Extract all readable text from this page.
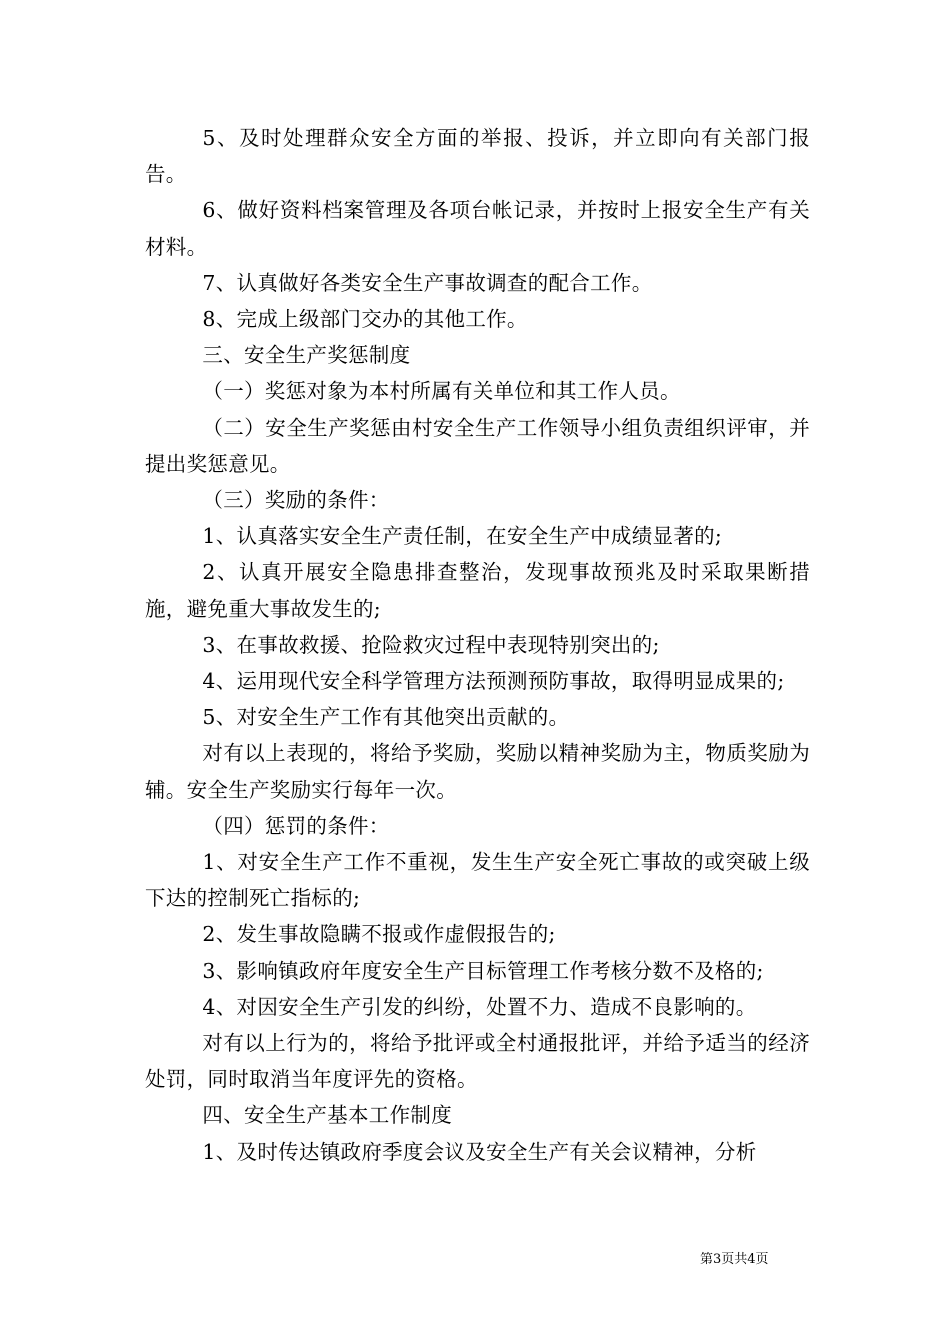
5、及时处理群众安全方面的举报、投诉，并立即向有关部门报告。

6、做好资料档案管理及各项台帐记录，并按时上报安全生产有关材料。

7、认真做好各类安全生产事故调查的配合工作。

8、完成上级部门交办的其他工作。

三、安全生产奖惩制度

（一）奖惩对象为本村所属有关单位和其工作人员。

（二）安全生产奖惩由村安全生产工作领导小组负责组织评审，并提出奖惩意见。

（三）奖励的条件：

1、认真落实安全生产责任制，在安全生产中成绩显著的;

2、认真开展安全隐患排查整治，发现事故预兆及时采取果断措施，避免重大事故发生的;

3、在事故救援、抢险救灾过程中表现特别突出的;

4、运用现代安全科学管理方法预测预防事故，取得明显成果的;

5、对安全生产工作有其他突出贡献的。

对有以上表现的，将给予奖励，奖励以精神奖励为主，物质奖励为辅。安全生产奖励实行每年一次。

（四）惩罚的条件：

1、对安全生产工作不重视，发生生产安全死亡事故的或突破上级下达的控制死亡指标的;

2、发生事故隐瞒不报或作虚假报告的;

3、影响镇政府年度安全生产目标管理工作考核分数不及格的;

4、对因安全生产引发的纠纷，处置不力、造成不良影响的。

对有以上行为的，将给予批评或全村通报批评，并给予适当的经济处罚，同时取消当年度评先的资格。

四、安全生产基本工作制度

1、及时传达镇政府季度会议及安全生产有关会议精神，分析

第3页共4页
